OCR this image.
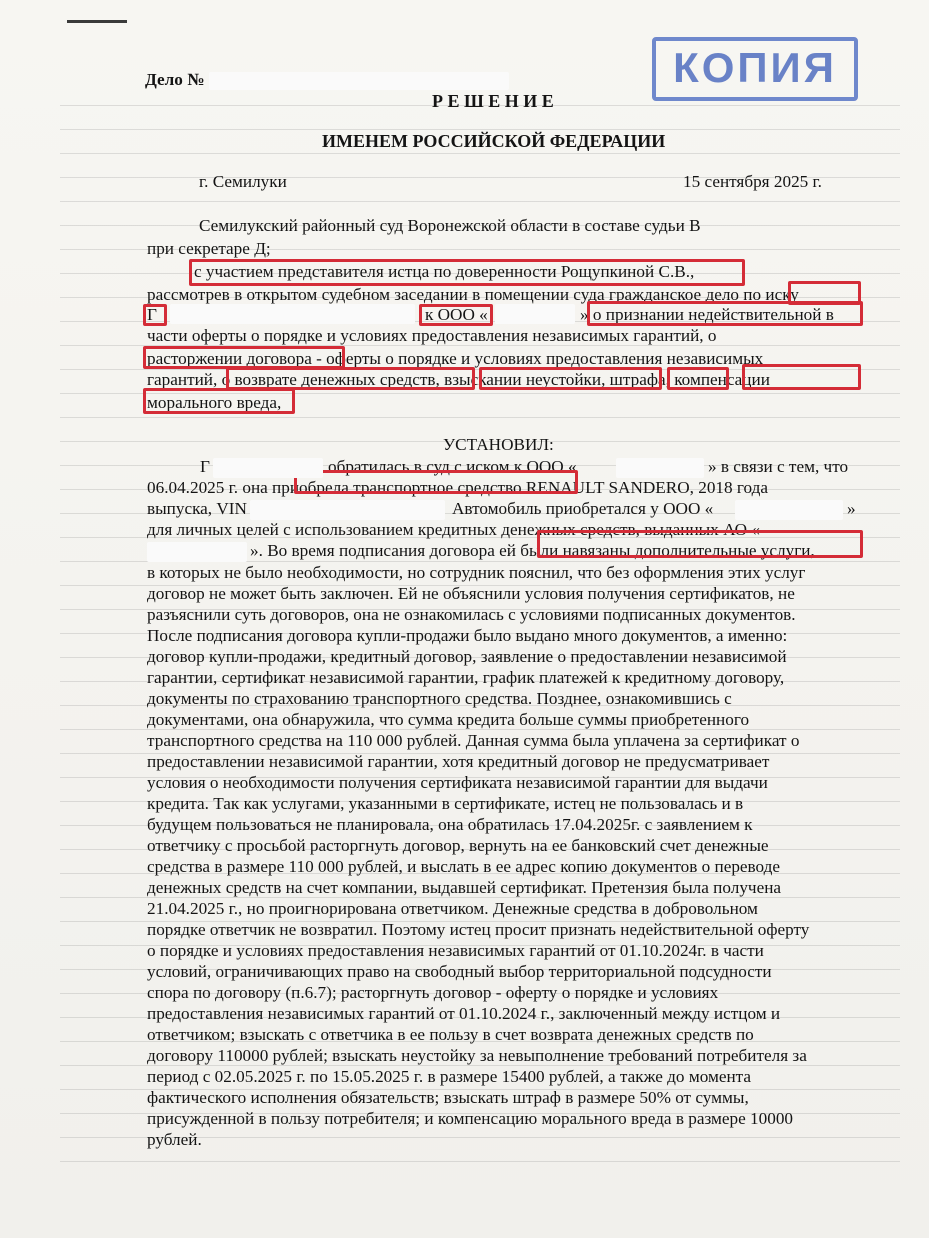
КОПИЯ
Дело №
Р Е Ш Е Н И Е
ИМЕНЕМ РОССИЙСКОЙ ФЕДЕРАЦИИ
г. Семилуки	15 сентября 2025 г.
Семилукский районный суд Воронежской области в составе судьи В
при секретаре Д;
с участием представителя истца по доверенности Рощупкиной С.В.,
рассмотрев в открытом судебном заседании в помещении суда гражданское дело по иску
Г	к ООО «	» о признании недействительной в
части оферты о порядке и условиях предоставления независимых гарантий, о
расторжении договора - оферты о порядке и условиях предоставления независимых
гарантий, о возврате денежных средств, взыскании неустойки, штрафа, компенсации
морального вреда,
УСТАНОВИЛ:
Г	обратилась в суд с иском к ООО «	» в связи с тем, что
06.04.2025 г. она приобрела транспортное средство RENAULT SANDERO, 2018 года
выпуска, VIN	Автомобиль приобретался у ООО «	»
для личных целей с использованием кредитных денежных средств, выданных АО «
». Во время подписания договора ей были навязаны дополнительные услуги,
в которых не было необходимости, но сотрудник пояснил, что без оформления этих услуг
договор не может быть заключен. Ей не объяснили условия получения сертификатов, не
разъяснили суть договоров, она не ознакомилась с условиями подписанных документов.
После подписания договора купли-продажи было выдано много документов, а именно:
договор купли-продажи, кредитный договор, заявление о предоставлении независимой
гарантии, сертификат независимой гарантии, график платежей к кредитному договору,
документы по страхованию транспортного средства. Позднее, ознакомившись с
документами, она обнаружила, что сумма кредита больше суммы приобретенного
транспортного средства на 110 000 рублей. Данная сумма была уплачена за сертификат о
предоставлении независимой гарантии, хотя кредитный договор не предусматривает
условия о необходимости получения сертификата независимой гарантии для выдачи
кредита. Так как услугами, указанными в сертификате, истец не пользовалась и в
будущем пользоваться не планировала, она обратилась 17.04.2025г. с заявлением к
ответчику с просьбой расторгнуть договор, вернуть на ее банковский счет денежные
средства в размере 110 000 рублей, и выслать в ее адрес копию документов о переводе
денежных средств на счет компании, выдавшей сертификат. Претензия была получена
21.04.2025 г., но проигнорирована ответчиком. Денежные средства в добровольном
порядке ответчик не возвратил. Поэтому истец просит признать недействительной оферту
о порядке и условиях предоставления независимых гарантий от 01.10.2024г. в части
условий, ограничивающих право на свободный выбор территориальной подсудности
спора по договору (п.6.7); расторгнуть договор - оферту о порядке и условиях
предоставления независимых гарантий от 01.10.2024 г., заключенный между истцом и
ответчиком; взыскать с ответчика в ее пользу в счет возврата денежных средств по
договору 110000 рублей; взыскать неустойку за невыполнение требований потребителя за
период с 02.05.2025 г. по 15.05.2025 г. в размере 15400 рублей, а также до момента
фактического исполнения обязательств; взыскать штраф в размере 50% от суммы,
присужденной в пользу потребителя; и компенсацию морального вреда в размере 10000
рублей.
